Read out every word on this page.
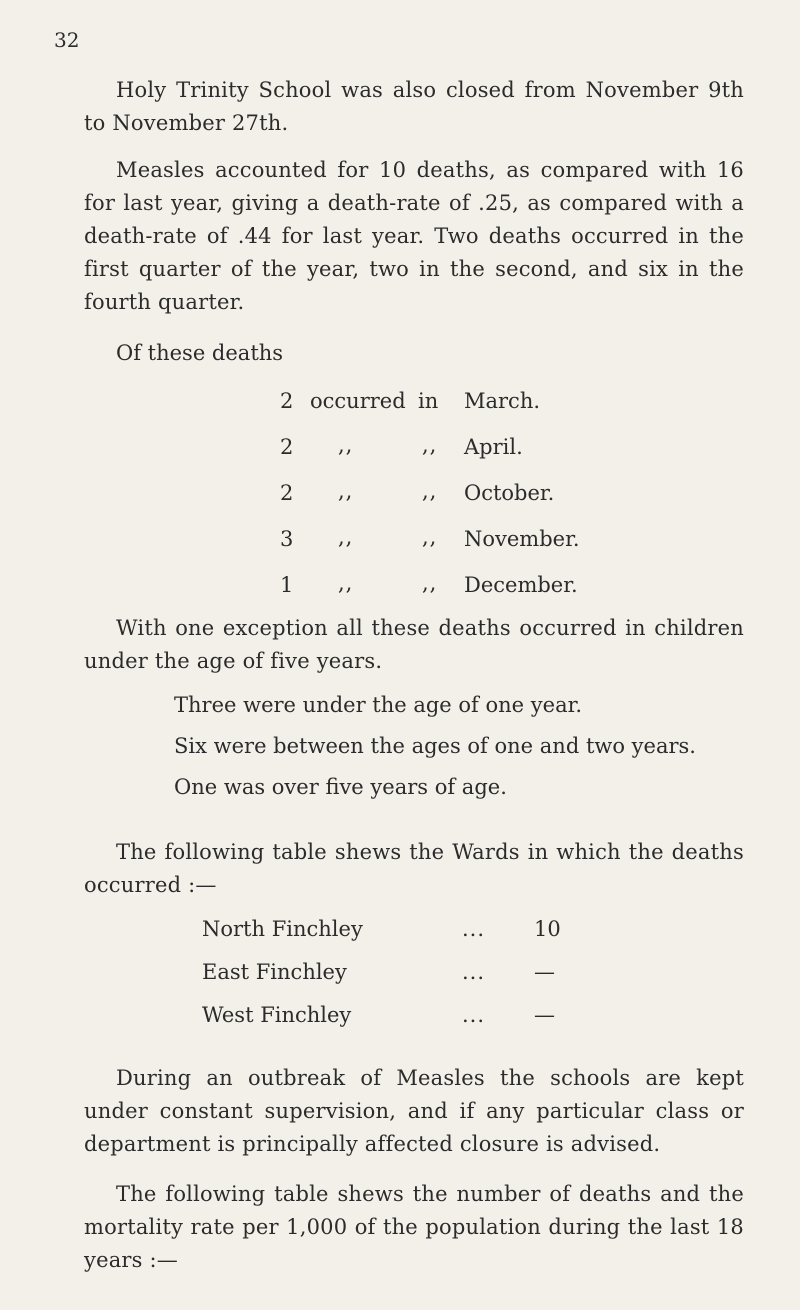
32

Holy Trinity School was also closed from November 9th to November 27th.

Measles accounted for 10 deaths, as compared with 16 for last year, giving a death-rate of .25, as compared with a death-rate of .44 for last year. Two deaths occurred in the first quarter of the year, two in the second, and six in the fourth quarter.

Of these deaths

2 occurred in March.
2 ,,	,, April.
2 ,,	,, October.
3 ,,	,, November.
1 ,,	,, December.

With one exception all these deaths occurred in children under the age of five years.

Three were under the age of one year.

Six were between the ages of one and two years.

One was over five years of age.

The following table shews the Wards in which the deaths occurred :—

North Finchley	... 10
East Finchley	... —
West Finchley	... —

During an outbreak of Measles the schools are kept under constant supervision, and if any particular class or department is principally affected closure is advised.

The following table shews the number of deaths and the mortality rate per 1,000 of the population during the last 18 years :—
